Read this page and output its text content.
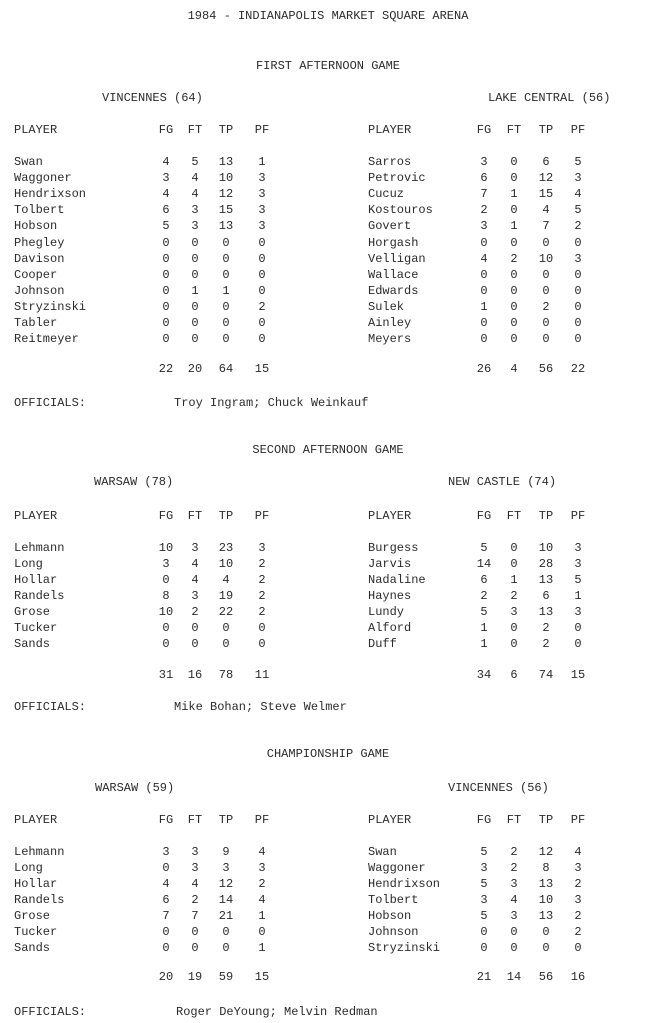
1984 - INDIANAPOLIS MARKET SQUARE ARENA
FIRST AFTERNOON GAME
VINCENNES (64)
PLAYER	FG	FT	TP	PF
Swan	4	5	13	1
Waggoner	3	4	10	3
Hendrixson	4	4	12	3
Tolbert	6	3	15	3
Hobson	5	3	13	3
Phegley	0	0	0	0
Davison	0	0	0	0
Cooper	0	0	0	0
Johnson	0	1	1	0
Stryzinski	0	0	0	2
Tabler	0	0	0	0
Reitmeyer	0	0	0	0
22	20	64	15
LAKE CENTRAL (56)
PLAYER	FG	FT	TP	PF
Sarros	3	0	6	5
Petrovic	6	0	12	3
Cucuz	7	1	15	4
Kostouros	2	0	4	5
Govert	3	1	7	2
Horgash	0	0	0	0
Velligan	4	2	10	3
Wallace	0	0	0	0
Edwards	0	0	0	0
Sulek	1	0	2	0
Ainley	0	0	0	0
Meyers	0	0	0	0
26	4	56	22
OFFICIALS:	Troy Ingram; Chuck Weinkauf
SECOND AFTERNOON GAME
WARSAW (78)
PLAYER	FG	FT	TP	PF
Lehmann	10	3	23	3
Long	3	4	10	2
Hollar	0	4	4	2
Randels	8	3	19	2
Grose	10	2	22	2
Tucker	0	0	0	0
Sands	0	0	0	0
31	16	78	11
NEW CASTLE (74)
PLAYER	FG	FT	TP	PF
Burgess	5	0	10	3
Jarvis	14	0	28	3
Nadaline	6	1	13	5
Haynes	2	2	6	1
Lundy	5	3	13	3
Alford	1	0	2	0
Duff	1	0	2	0
34	6	74	15
OFFICIALS:	Mike Bohan; Steve Welmer
CHAMPIONSHIP GAME
WARSAW (59)
PLAYER	FG	FT	TP	PF
Lehmann	3	3	9	4
Long	0	3	3	3
Hollar	4	4	12	2
Randels	6	2	14	4
Grose	7	7	21	1
Tucker	0	0	0	0
Sands	0	0	0	1
20	19	59	15
VINCENNES (56)
PLAYER	FG	FT	TP	PF
Swan	5	2	12	4
Waggoner	3	2	8	3
Hendrixson	5	3	13	2
Tolbert	3	4	10	3
Hobson	5	3	13	2
Johnson	0	0	0	2
Stryzinski	0	0	0	0
21	14	56	16
OFFICIALS:	Roger DeYoung; Melvin Redman
